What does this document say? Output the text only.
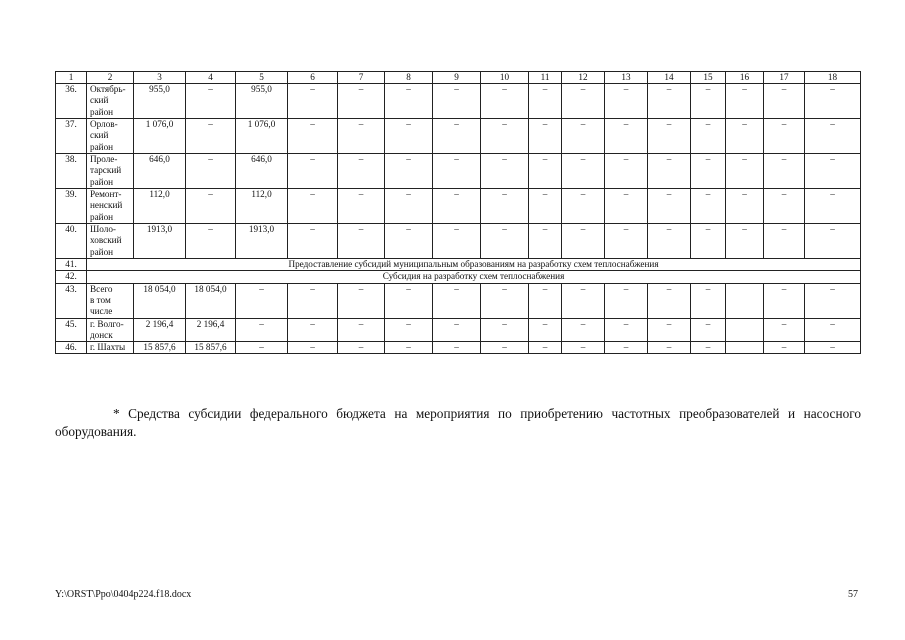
1	2	3	4	5	6	7	8	9	10	11	12	13	14	15	16	17	18
36.	Октябрь-
ский
район	955,0	–	955,0	–	–	–	–	–	–	–	–	–	–	–	–	–
37.	Орлов-
ский
район	1 076,0	–	1 076,0	–	–	–	–	–	–	–	–	–	–	–	–	–
38.	Проле-
тарский
район	646,0	–	646,0	–	–	–	–	–	–	–	–	–	–	–	–	–
39.	Ремонт-
ненский
район	112,0	–	112,0	–	–	–	–	–	–	–	–	–	–	–	–	–
40.	Шоло-
ховский
район	1913,0	–	1913,0	–	–	–	–	–	–	–	–	–	–	–	–	–
41.	Предоставление субсидий муниципальным образованиям на разработку схем теплоснабжения																
42.	Субсидия на разработку схем теплоснабжения																
43.	Всего
в том
числе	18 054,0	18 054,0	–	–	–	–	–	–	–	–	–	–	–		–	–
45.	г. Волго-
донск	2 196,4	2 196,4	–	–	–	–	–	–	–	–	–	–	–		–	–
46.	г. Шахты	15 857,6	15 857,6	–	–	–	–	–	–	–	–	–	–	–		–	–

* Средства субсидии федерального бюджета на мероприятия по приобретению частотных преобразователей и насосного оборудования.

Y:\ORST\Ppo\0404p224.f18.docx	57
